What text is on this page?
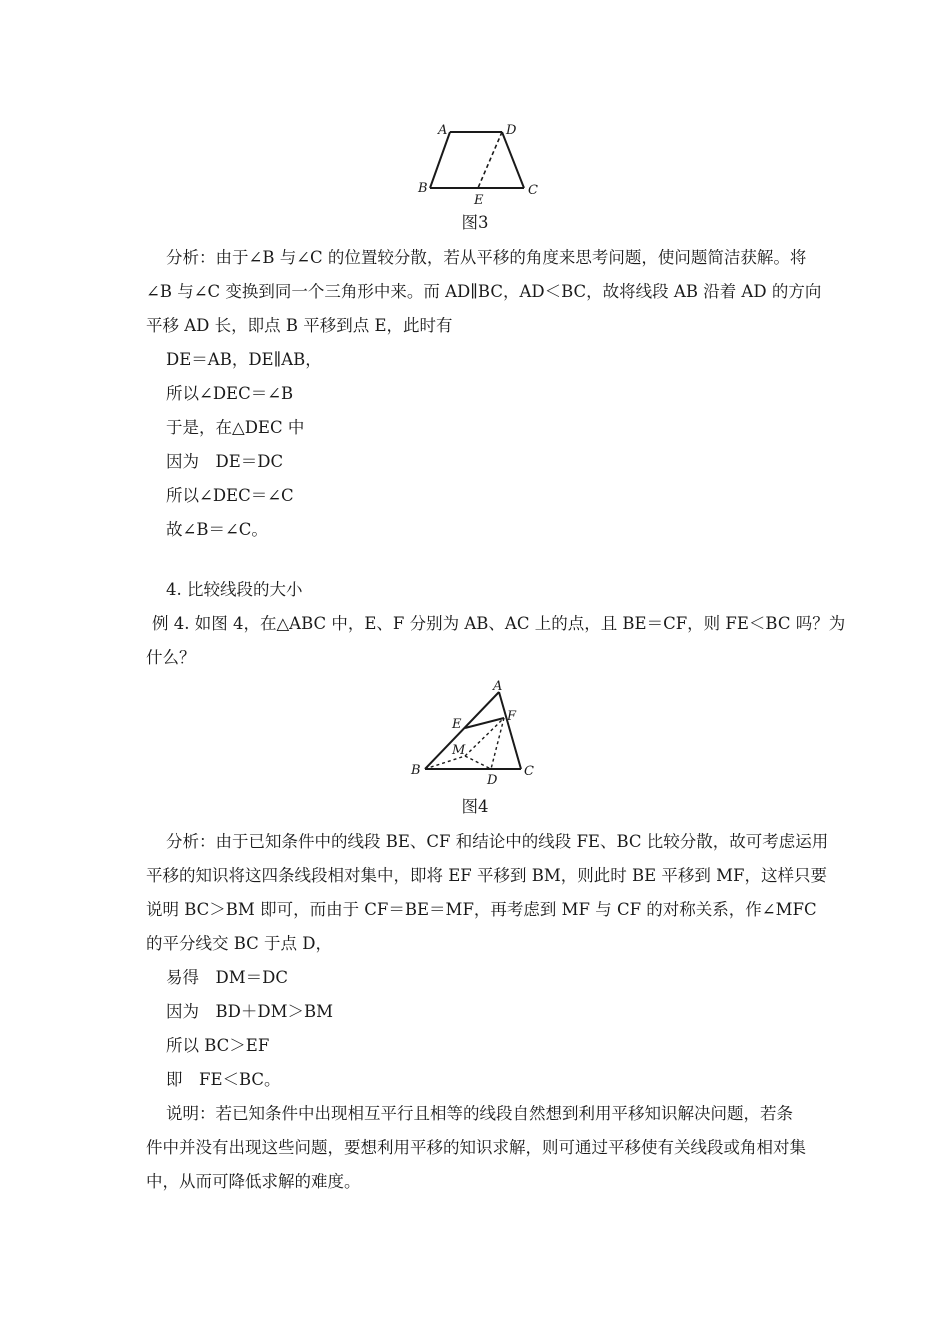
A	D
B
E
C
图3
分析：由于∠B 与∠C 的位置较分散，若从平移的角度来思考问题，使问题简洁获解。将
∠B 与∠C 变换到同一个三角形中来。而 AD∥BC，AD＜BC，故将线段 AB 沿着 AD 的方向
平移 AD 长，即点 B 平移到点 E，此时有
DE＝AB，DE∥AB，
所以∠DEC＝∠B
于是，在△DEC 中
因为　DE＝DC
所以∠DEC＝∠C
故∠B＝∠C。
4. 比较线段的大小
例 4. 如图 4，在△ABC 中，E、F 分别为 AB、AC 上的点，且 BE＝CF，则 FE＜BC 吗？为
什么？
A
E
F
M
B
D
C
图4
分析：由于已知条件中的线段 BE、CF 和结论中的线段 FE、BC 比较分散，故可考虑运用
平移的知识将这四条线段相对集中，即将 EF 平移到 BM，则此时 BE 平移到 MF，这样只要
说明 BC＞BM 即可，而由于 CF＝BE＝MF，再考虑到 MF 与 CF 的对称关系，作∠MFC
的平分线交 BC 于点 D，
易得　DM＝DC
因为　BD＋DM＞BM
所以 BC＞EF
即　FE＜BC。
说明：若已知条件中出现相互平行且相等的线段自然想到利用平移知识解决问题，若条
件中并没有出现这些问题，要想利用平移的知识求解，则可通过平移使有关线段或角相对集
中，从而可降低求解的难度。
